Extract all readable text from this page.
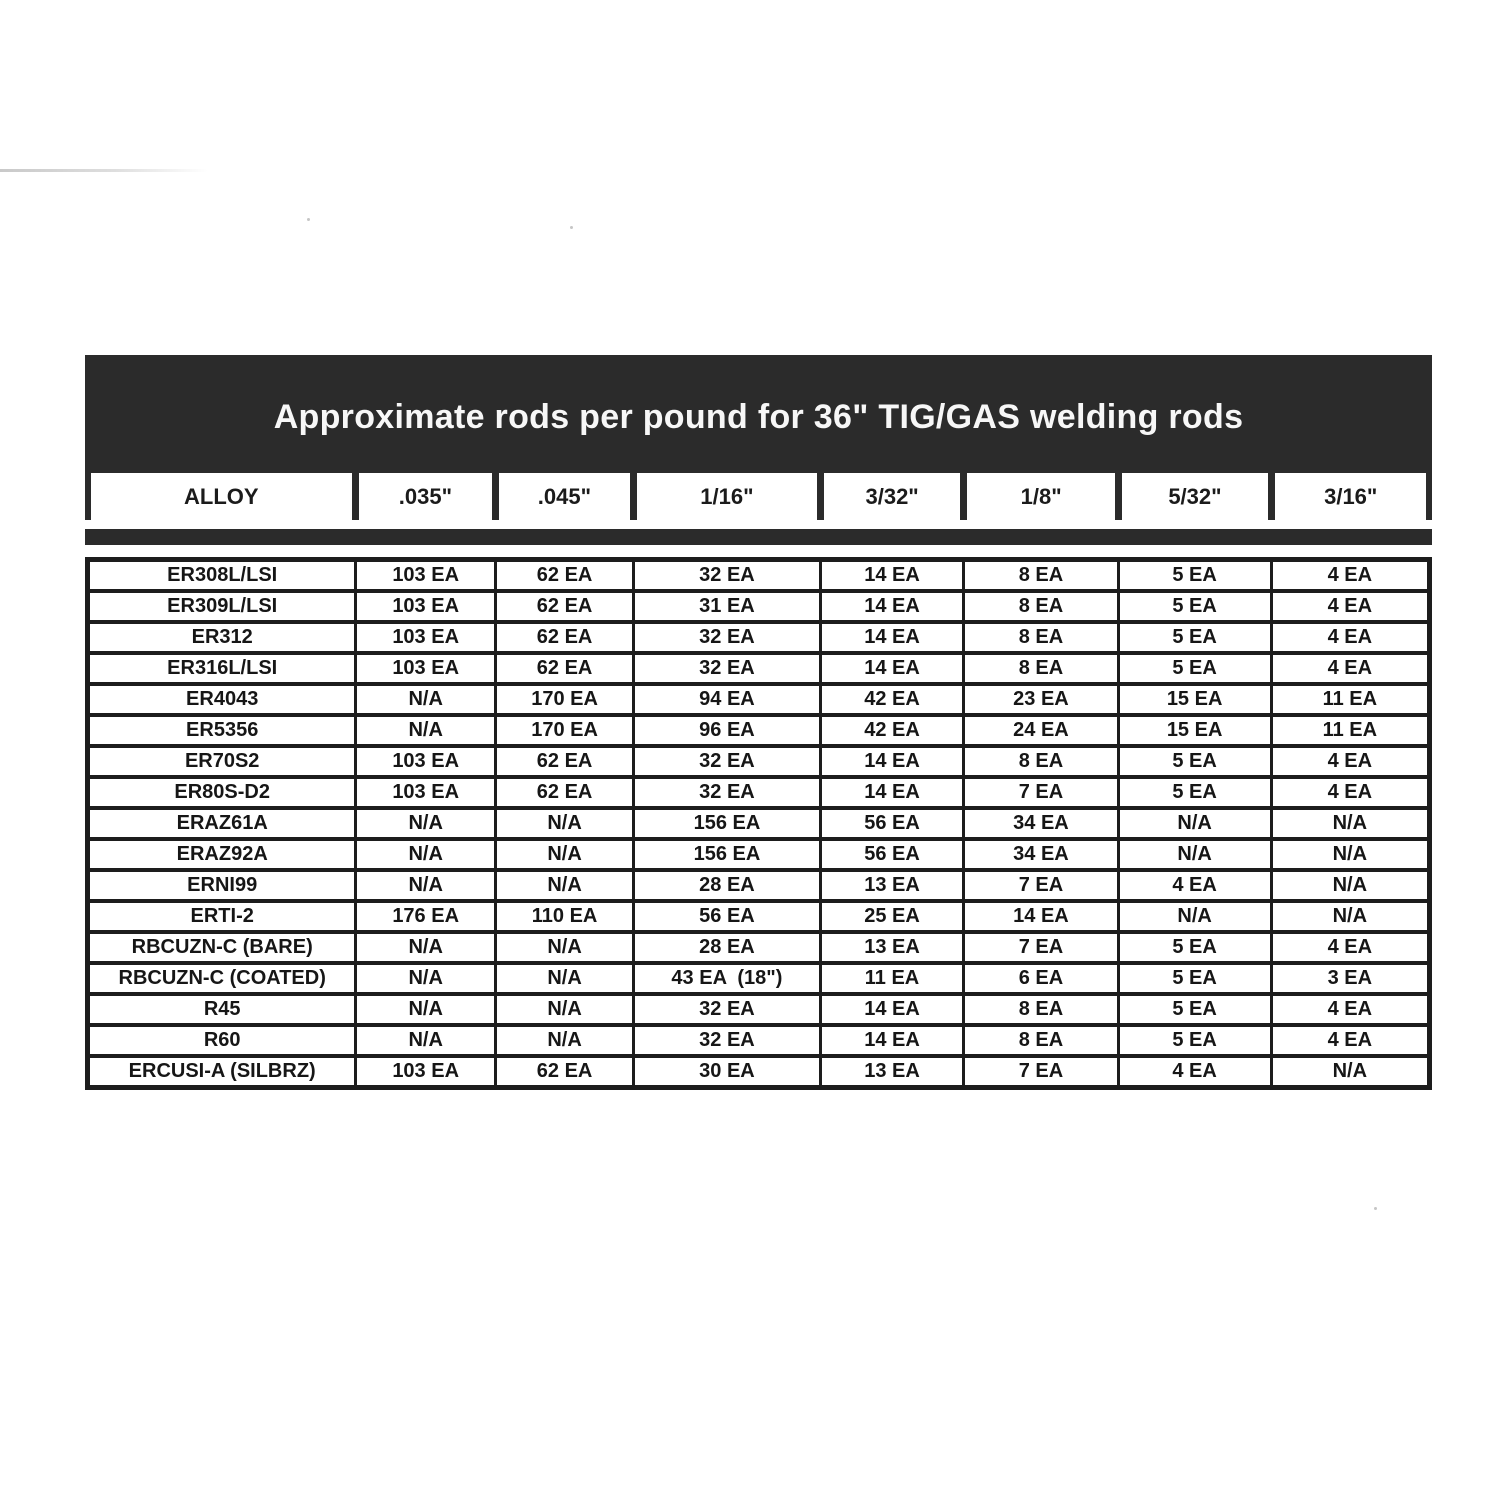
Approximate rods per pound for 36" TIG/GAS welding rods
ALLOY	.035"	.045"	1/16"	3/32"	1/8"	5/32"	3/16"
ER308L/LSI	103 EA	62 EA	32 EA	14 EA	8 EA	5 EA	4 EA
ER309L/LSI	103 EA	62 EA	31 EA	14 EA	8 EA	5 EA	4 EA
ER312	103 EA	62 EA	32 EA	14 EA	8 EA	5 EA	4 EA
ER316L/LSI	103 EA	62 EA	32 EA	14 EA	8 EA	5 EA	4 EA
ER4043	N/A	170 EA	94 EA	42 EA	23 EA	15 EA	11 EA
ER5356	N/A	170 EA	96 EA	42 EA	24 EA	15 EA	11 EA
ER70S2	103 EA	62 EA	32 EA	14 EA	8 EA	5 EA	4 EA
ER80S-D2	103 EA	62 EA	32 EA	14 EA	7 EA	5 EA	4 EA
ERAZ61A	N/A	N/A	156 EA	56 EA	34 EA	N/A	N/A
ERAZ92A	N/A	N/A	156 EA	56 EA	34 EA	N/A	N/A
ERNI99	N/A	N/A	28 EA	13 EA	7 EA	4 EA	N/A
ERTI-2	176 EA	110 EA	56 EA	25 EA	14 EA	N/A	N/A
RBCUZN-C (BARE)	N/A	N/A	28 EA	13 EA	7 EA	5 EA	4 EA
RBCUZN-C (COATED)	N/A	N/A	43 EA  (18")	11 EA	6 EA	5 EA	3 EA
R45	N/A	N/A	32 EA	14 EA	8 EA	5 EA	4 EA
R60	N/A	N/A	32 EA	14 EA	8 EA	5 EA	4 EA
ERCUSI-A (SILBRZ)	103 EA	62 EA	30 EA	13 EA	7 EA	4 EA	N/A
